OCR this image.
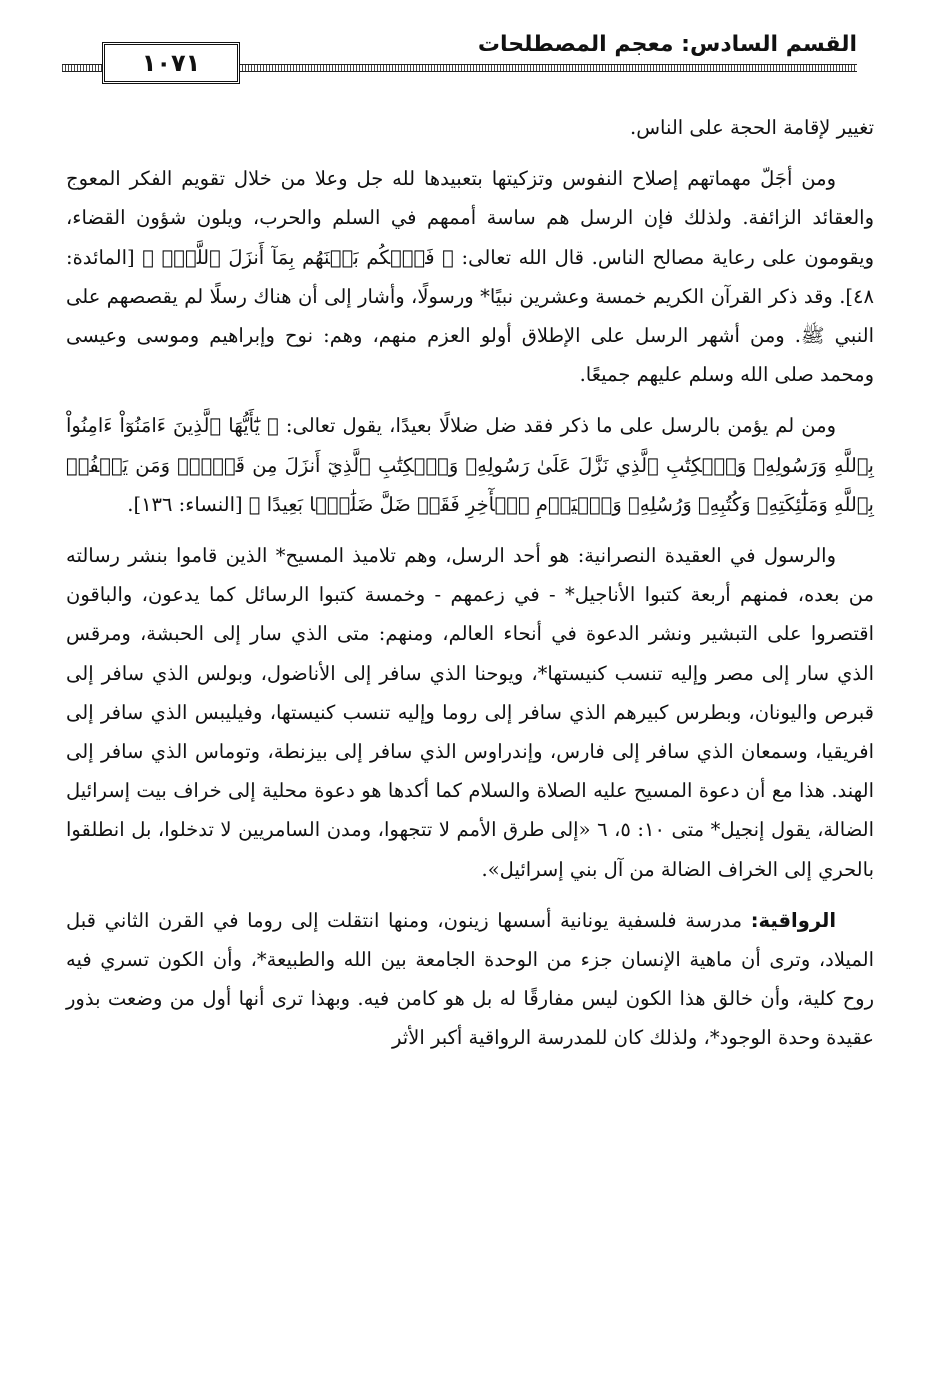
١٠٧١
القسم السادس: معجم المصطلحات

تغيير لإقامة الحجة على الناس.

ومن أجَلّ مهماتهم إصلاح النفوس وتزكيتها بتعبيدها لله جل وعلا من خلال تقويم الفكر المعوج والعقائد الزائفة. ولذلك فإن الرسل هم ساسة أممهم في السلم والحرب، ويلون شؤون القضاء، ويقومون على رعاية مصالح الناس. قال الله تعالى: ﴿ فَٱحۡكُم بَيۡنَهُم بِمَآ أَنزَلَ ٱللَّهُۖ ﴾ [المائدة: ٤٨]. وقد ذكر القرآن الكريم خمسة وعشرين نبيًا* ورسولًا، وأشار إلى أن هناك رسلًا لم يقصصهم على النبي ﷺ. ومن أشهر الرسل على الإطلاق أولو العزم منهم، وهم: نوح وإبراهيم وموسى وعيسى ومحمد صلى الله وسلم عليهم جميعًا.

ومن لم يؤمن بالرسل على ما ذكر فقد ضل ضلالًا بعيدًا، يقول تعالى: ﴿ يَٰٓأَيُّهَا ٱلَّذِينَ ءَامَنُوٓاْ ءَامِنُواْ بِٱللَّهِ وَرَسُولِهِۦ وَٱلۡكِتَٰبِ ٱلَّذِي نَزَّلَ عَلَىٰ رَسُولِهِۦ وَٱلۡكِتَٰبِ ٱلَّذِيٓ أَنزَلَ مِن قَبۡلُۚ وَمَن يَكۡفُرۡ بِٱللَّهِ وَمَلَٰٓئِكَتِهِۦ وَكُتُبِهِۦ وَرُسُلِهِۦ وَٱلۡيَوۡمِ ٱلۡأٓخِرِ فَقَدۡ ضَلَّ ضَلَٰلَۢا بَعِيدًا ﴾ [النساء: ١٣٦].

والرسول في العقيدة النصرانية: هو أحد الرسل، وهم تلاميذ المسيح* الذين قاموا بنشر رسالته من بعده، فمنهم أربعة كتبوا الأناجيل* - في زعمهم - وخمسة كتبوا الرسائل كما يدعون، والباقون اقتصروا على التبشير ونشر الدعوة في أنحاء العالم، ومنهم: متى الذي سار إلى الحبشة، ومرقس الذي سار إلى مصر وإليه تنسب كنيستها*، ويوحنا الذي سافر إلى الأناضول، وبولس الذي سافر إلى قبرص واليونان، وبطرس كبيرهم الذي سافر إلى روما وإليه تنسب كنيستها، وفيليبس الذي سافر إلى افريقيا، وسمعان الذي سافر إلى فارس، وإندراوس الذي سافر إلى بيزنطة، وتوماس الذي سافر إلى الهند. هذا مع أن دعوة المسيح عليه الصلاة والسلام كما أكدها هو دعوة محلية إلى خراف بيت إسرائيل الضالة، يقول إنجيل* متى ١٠: ٥، ٦ «إلى طرق الأمم لا تتجهوا، ومدن السامريين لا تدخلوا، بل انطلقوا بالحري إلى الخراف الضالة من آل بني إسرائيل».

الرواقية: مدرسة فلسفية يونانية أسسها زينون، ومنها انتقلت إلى روما في القرن الثاني قبل الميلاد، وترى أن ماهية الإنسان جزء من الوحدة الجامعة بين الله والطبيعة*، وأن الكون تسري فيه روح كلية، وأن خالق هذا الكون ليس مفارقًا له بل هو كامن فيه. وبهذا ترى أنها أول من وضعت بذور عقيدة وحدة الوجود*، ولذلك كان للمدرسة الرواقية أكبر الأثر
